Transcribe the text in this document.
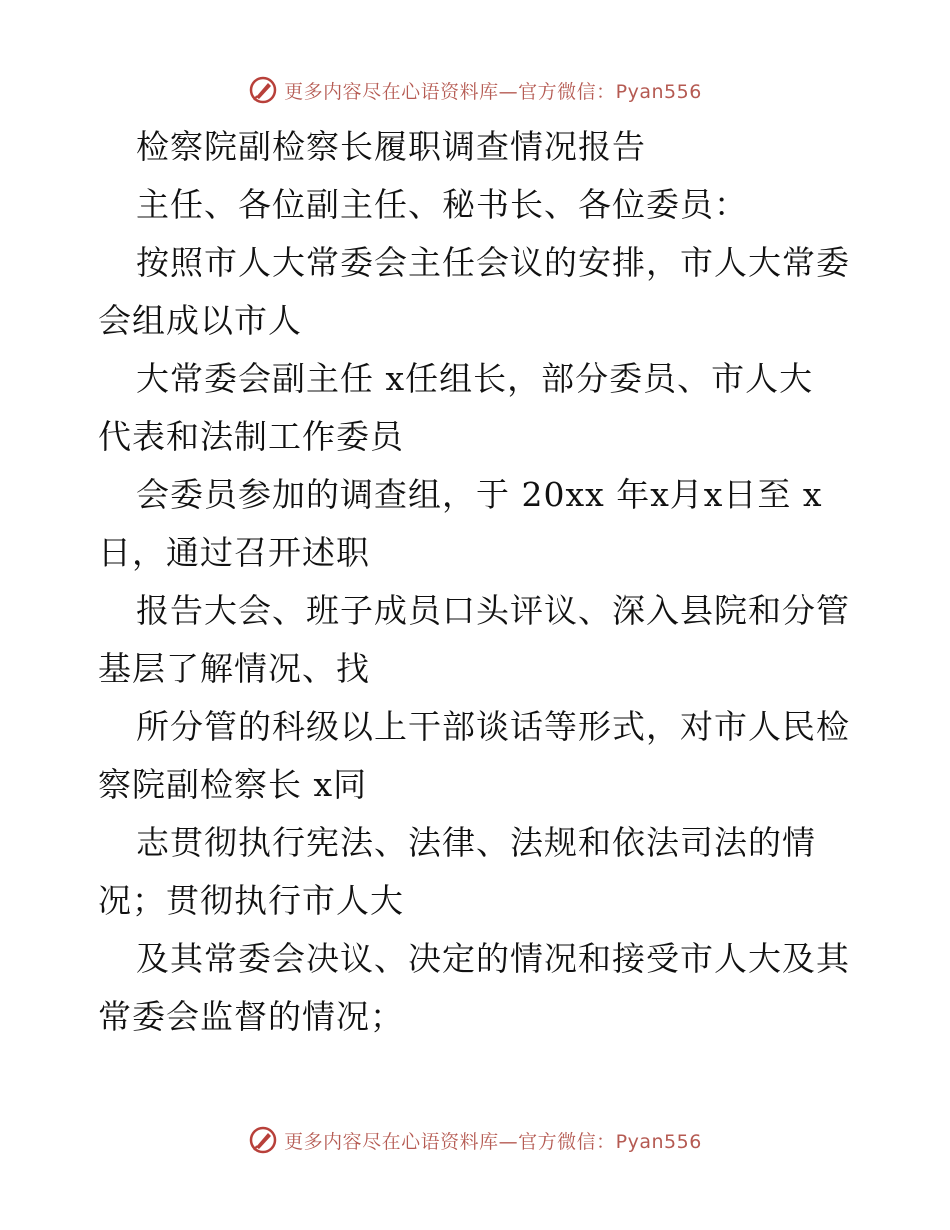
更多内容尽在心语资料库—官方微信：Pyan556
检察院副检察长履职调查情况报告
主任、各位副主任、秘书长、各位委员：
按照市人大常委会主任会议的安排，市人大常委
会组成以市人
大常委会副主任 x任组长，部分委员、市人大
代表和法制工作委员
会委员参加的调查组，于 20xx 年x月x日至 x
日，通过召开述职
报告大会、班子成员口头评议、深入县院和分管
基层了解情况、找
所分管的科级以上干部谈话等形式，对市人民检
察院副检察长 x同
志贯彻执行宪法、法律、法规和依法司法的情
况；贯彻执行市人大
及其常委会决议、决定的情况和接受市人大及其
常委会监督的情况；
更多内容尽在心语资料库—官方微信：Pyan556
